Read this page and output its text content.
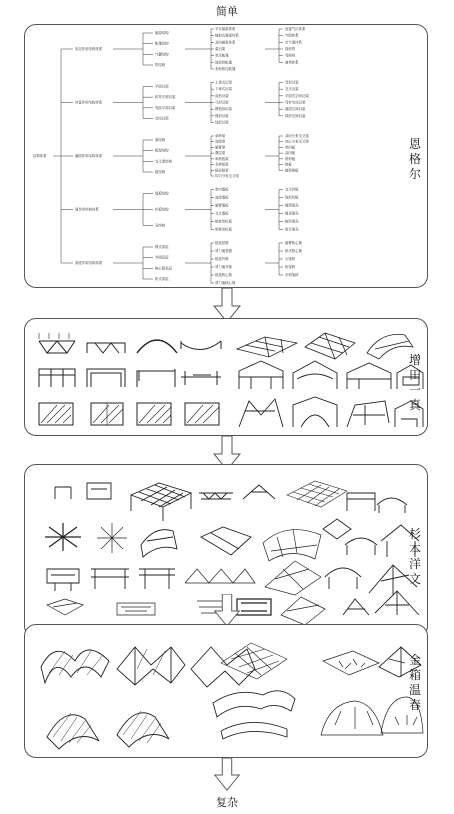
简单
结构体系
形态作用结构体系
悬索结构
帐篷结构
气囊结构
拱结构
平行悬索体系
辐射式悬索体系
双向悬索体系
索衍架
单点帐篷
波浪形帐篷
伞形张拉帐篷
直接气压体系
气肋体系
空气薄体系
线形拱
弯曲拱
曲拱体系
向量作用结构体系
平面衍架
传导平面衍架
弯曲平面衍架
空间衍架
上承式衍架
下承式衍架
直形衍架
弓形衍架
圆弧形衍架
弧形衍架
线形衍架
弯形衍架
交叉衍架
平面式空间衍架
弯折空间衍架
曲面空间衍架
线形空间衍架
截面作用结构体系
梁结构
框架结构
交叉梁结构
板结构
单跨梁
连续梁
悬臂梁
叠层梁
单跨框架
多跨框架
框层框架
均匀分布交叉梁
双向分布交叉梁
向心分布交叉梁
单向板
双向板
肋形板
格板
蜂窝格板
面作用结构体系
墙板结构
折板结构
壳结构
单向墙板
连续墙板
悬臂墙板
交叉墙板
棱柱形折板
角锥形折板
交叉折板
线形折板
圆筒薄壳
圆顶薄壳
鞍形薄壳
组合薄壳
高度作用结构体系
筒式高层
外围高层
核心筒高层
桁式高层
框架竖筒
剪力墙竖筒
框架外筒
剪力墙外筒
框架核心筒
剪力墙核心筒
悬臂核心筒
桥式核心筒
大梁桥
桁架桥
多桁架桥
恩格尔
增田一真
杉本洋文
金箱温春
复杂
